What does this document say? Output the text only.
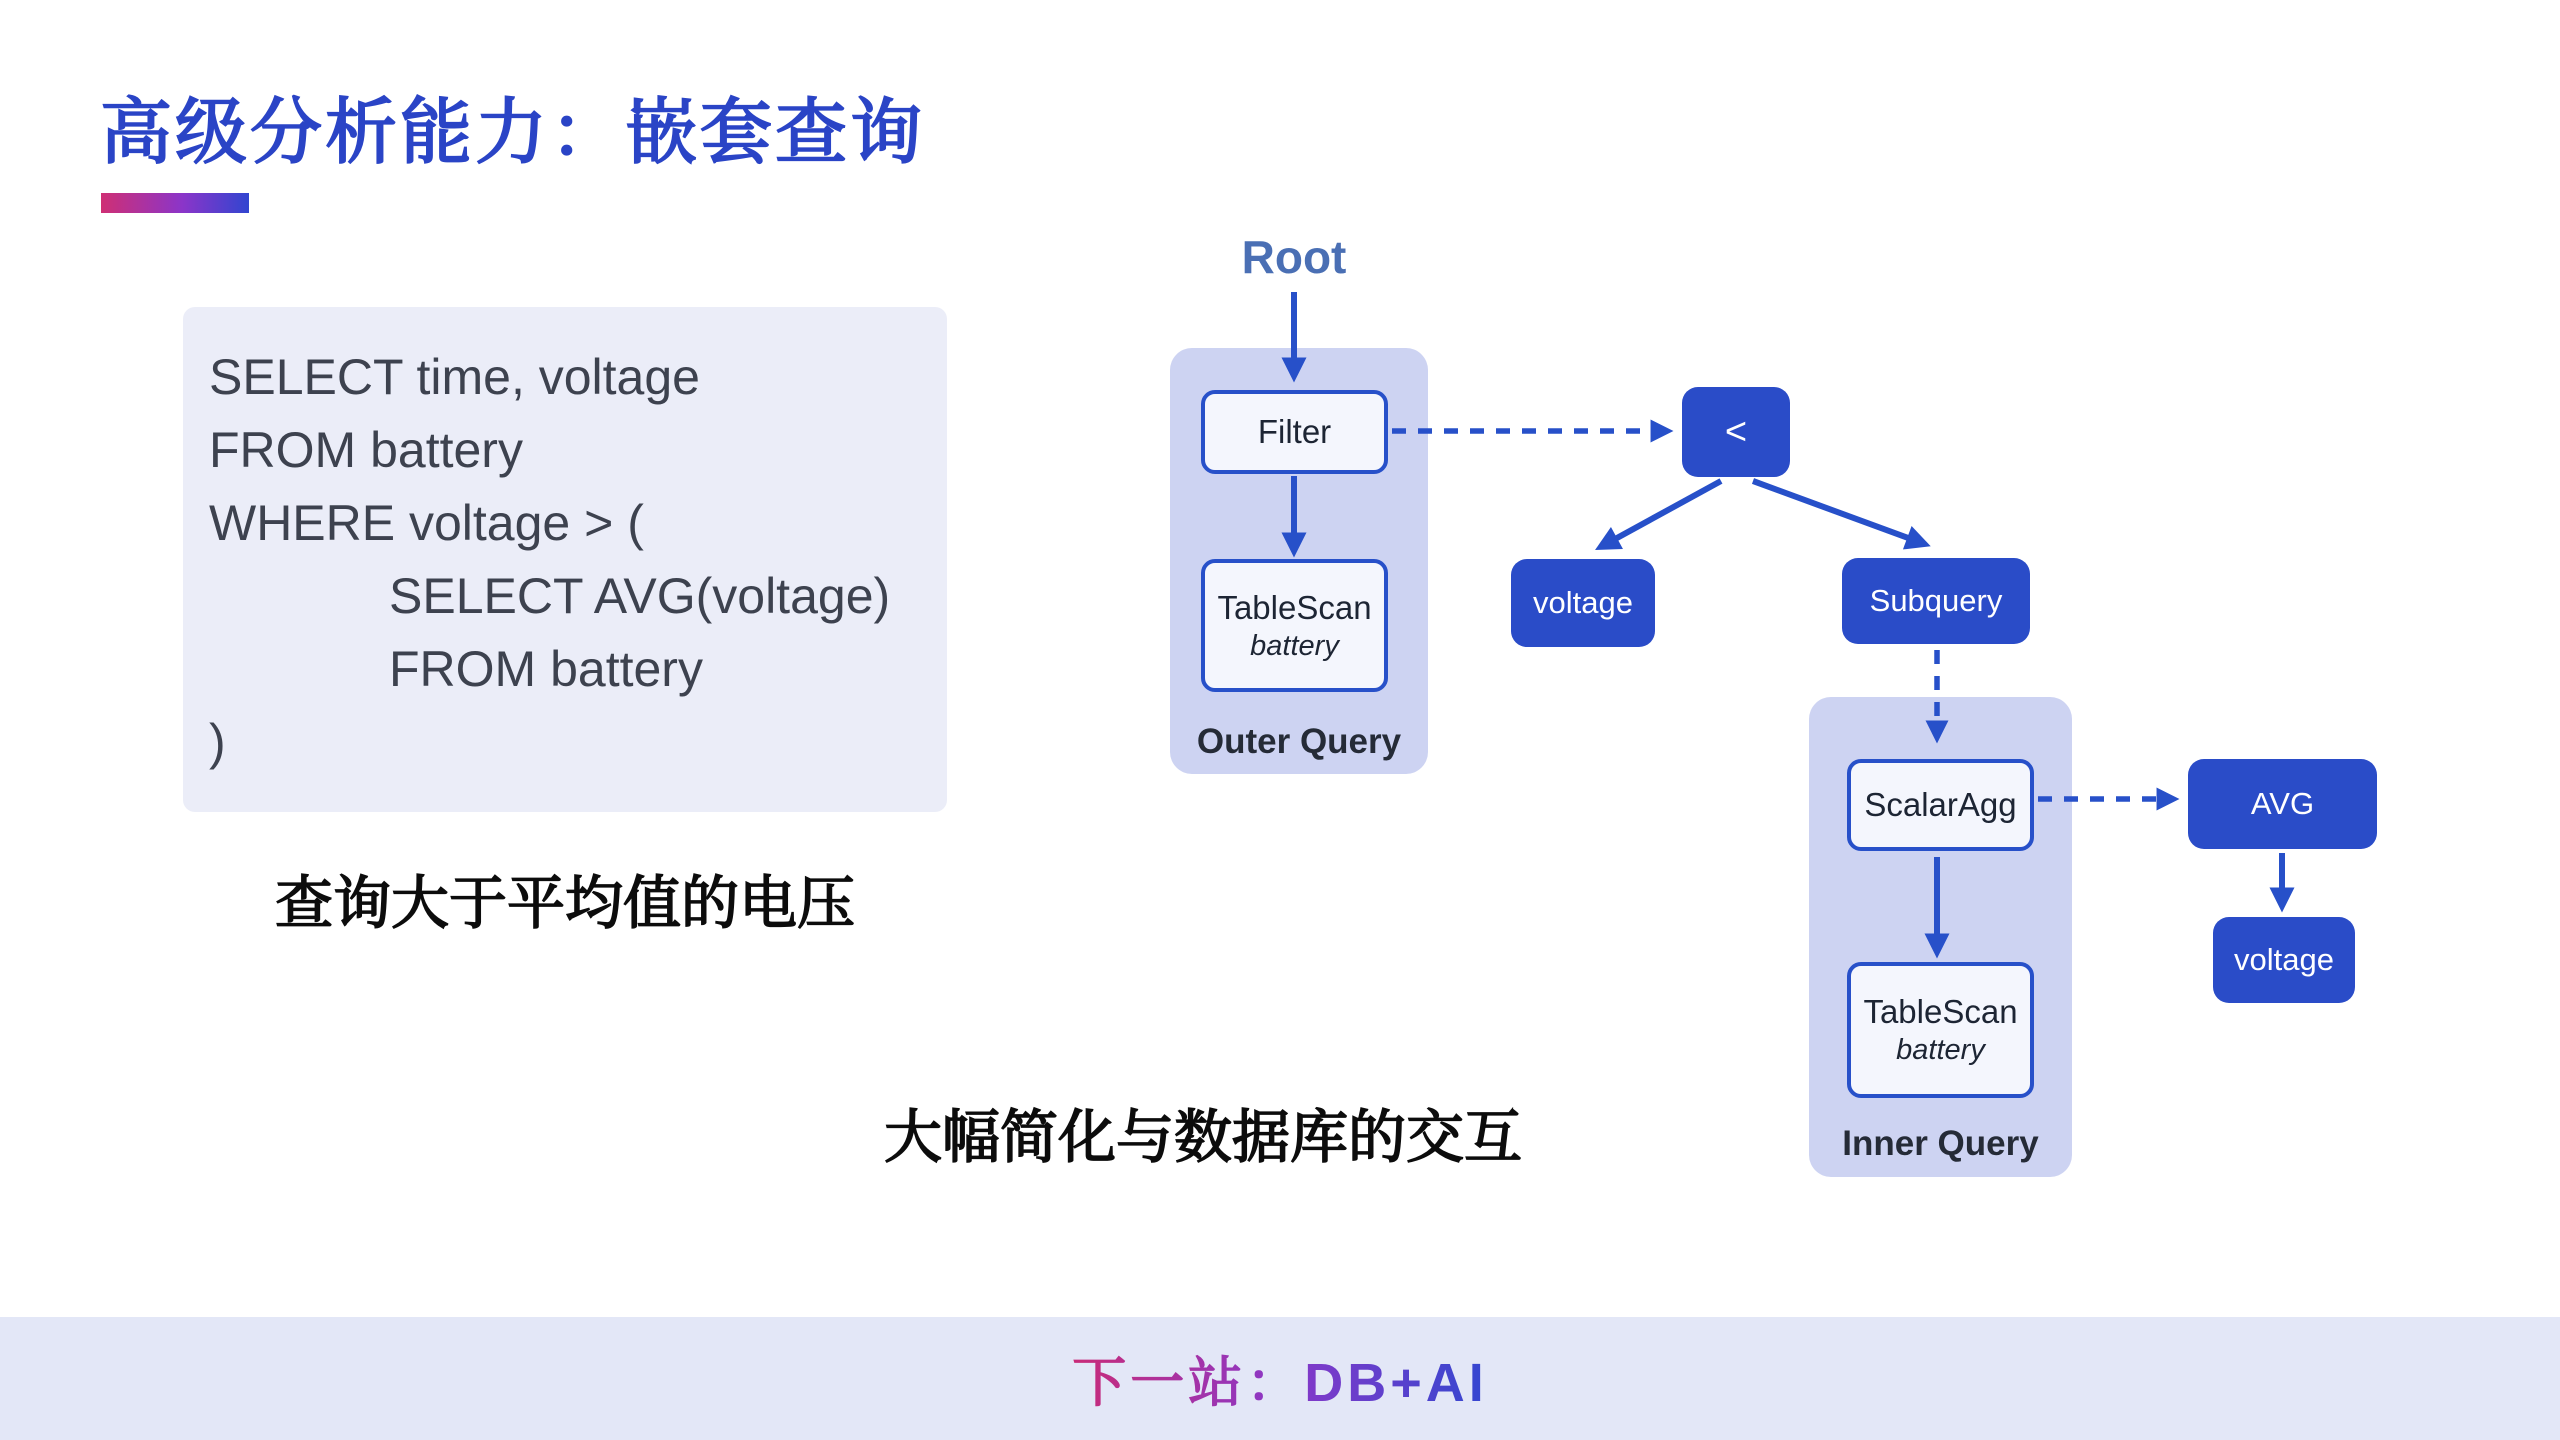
高级分析能力：嵌套查询
SELECT time, voltage
FROM battery
WHERE voltage > (
SELECT AVG(voltage)
FROM battery
)
查询大于平均值的电压
大幅简化与数据库的交互
Root
Filter
TableScan
battery
Outer Query
<
voltage	Subquery
ScalarAgg
TableScan
battery
Inner Query
AVG
voltage
下一站：DB+AI
